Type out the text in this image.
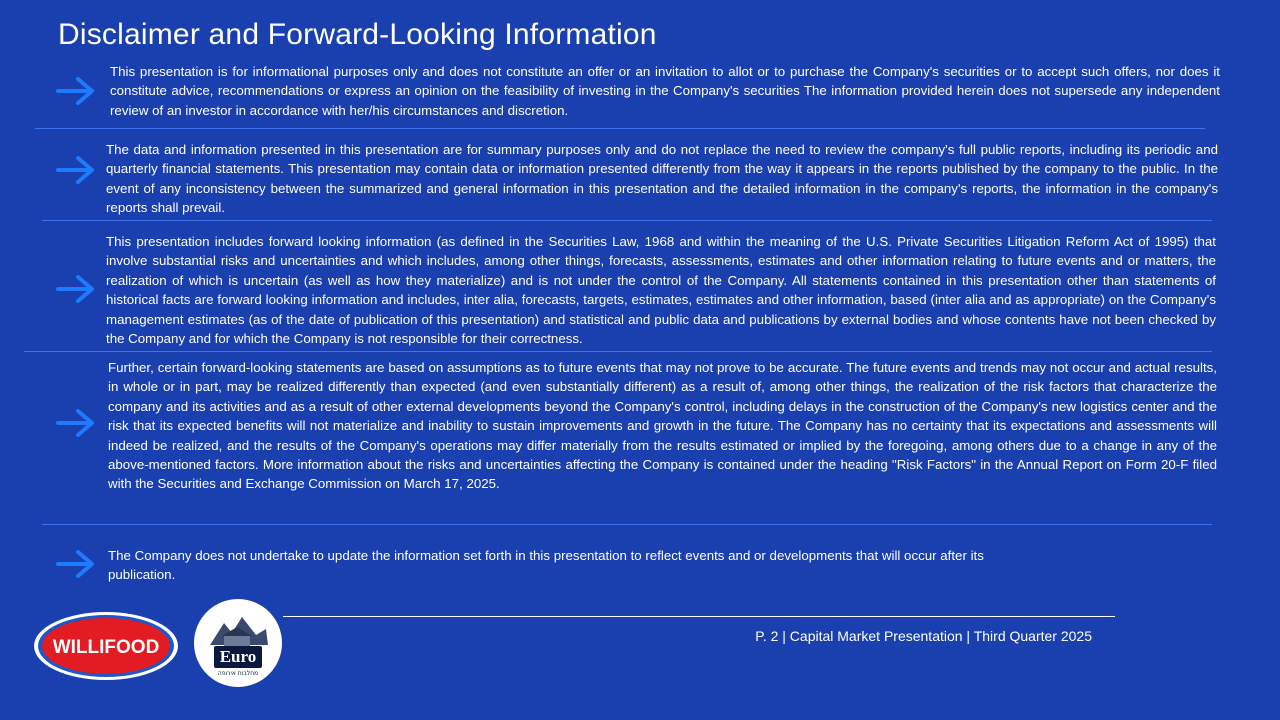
Disclaimer and Forward-Looking Information

This presentation is for informational purposes only and does not constitute an offer or an invitation to allot or to purchase the Company's securities or to accept such offers, nor does it constitute advice, recommendations or express an opinion on the feasibility of investing in the Company's securities The information provided herein does not supersede any independent review of an investor in accordance with her/his circumstances and discretion.

The data and information presented in this presentation are for summary purposes only and do not replace the need to review the company's full public reports, including its periodic and quarterly financial statements. This presentation may contain data or information presented differently from the way it appears in the reports published by the company to the public. In the event of any inconsistency between the summarized and general information in this presentation and the detailed information in the company's reports, the information in the company's reports shall prevail.

This presentation includes forward looking information (as defined in the Securities Law, 1968 and within the meaning of the U.S. Private Securities Litigation Reform Act of 1995) that involve substantial risks and uncertainties and which includes, among other things, forecasts, assessments, estimates and other information relating to future events and or matters, the realization of which is uncertain (as well as how they materialize) and is not under the control of the Company. All statements contained in this presentation other than statements of historical facts are forward looking information and includes, inter alia, forecasts, targets, estimates, estimates and other information, based (inter alia and as appropriate) on the Company's management estimates (as of the date of publication of this presentation) and statistical and public data and publications by external bodies and whose contents have not been checked by the Company and for which the Company is not responsible for their correctness.

Further, certain forward-looking statements are based on assumptions as to future events that may not prove to be accurate. The future events and trends may not occur and actual results, in whole or in part, may be realized differently than expected (and even substantially different) as a result of, among other things, the realization of the risk factors that characterize the company and its activities and as a result of other external developments beyond the Company's control, including delays in the construction of the Company's new logistics center and the risk that its expected benefits will not materialize and inability to sustain improvements and growth in the future. The Company has no certainty that its expectations and assessments will indeed be realized, and the results of the Company's operations may differ materially from the results estimated or implied by the foregoing, among others due to a change in any of the above-mentioned factors. More information about the risks and uncertainties affecting the Company is contained under the heading "Risk Factors" in the Annual Report on Form 20-F filed with the Securities and Exchange Commission on March 17, 2025.

The Company does not undertake to update the information set forth in this presentation to reflect events and or developments that will occur after its publication.

P. 2 | Capital Market Presentation | Third Quarter 2025
WILLIFOOD	Euro
מחלבות אירופה
